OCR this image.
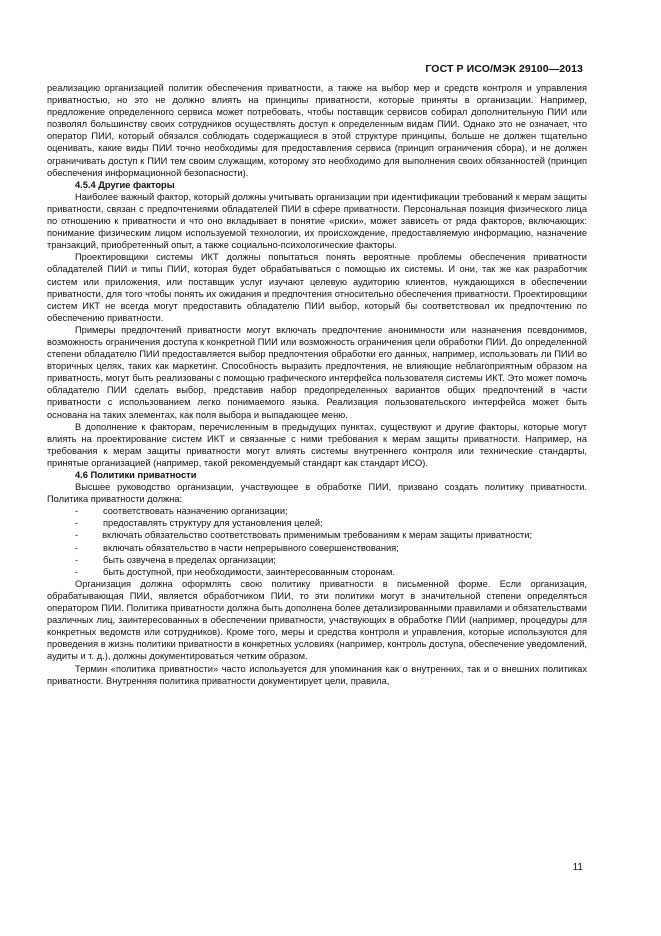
ГОСТ Р ИСО/МЭК 29100—2013

реализацию организацией политик обеспечения приватности, а также на выбор мер и средств контроля и управления приватностью, но это не должно влиять на принципы приватности, которые приняты в организации. Например, предложение определенного сервиса может потребовать, чтобы поставщик сервисов собирал дополнительную ПИИ или позволял большинству своих сотрудников осуществлять доступ к определенным видам ПИИ. Однако это не означает, что оператор ПИИ, который обязался соблюдать содержащиеся в этой структуре принципы, больше не должен тщательно оценивать, какие виды ПИИ точно необходимы для предоставления сервиса (принцип ограничения сбора), и не должен ограничивать доступ к ПИИ тем своим служащим, которому это необходимо для выполнения своих обязанностей (принцип обеспечения информационной безопасности).

4.5.4 Другие факторы

Наиболее важный фактор, который должны учитывать организации при идентификации требований к мерам защиты приватности, связан с предпочтениями обладателей ПИИ в сфере приватности. Персональная позиция физического лица по отношению к приватности и что оно вкладывает в понятие «риски», может зависеть от ряда факторов, включающих: понимание физическим лицом используемой технологии, их происхождение, предоставляемую информацию, назначение транзакций, приобретенный опыт, а также социально-психологические факторы.

Проектировщики системы ИКТ должны попытаться понять вероятные проблемы обеспечения приватности обладателей ПИИ и типы ПИИ, которая будет обрабатываться с помощью их системы. И они, так же как разработчик систем или приложения, или поставщик услуг изучают целевую аудиторию клиентов, нуждающихся в обеспечении приватности, для того чтобы понять их ожидания и предпочтения относительно обеспечения приватности. Проектировщики систем ИКТ не всегда могут предоставить обладателю ПИИ выбор, который бы соответствовал их предпочтению по обеспечению приватности.

Примеры предпочтений приватности могут включать предпочтение анонимности или назначения псевдонимов, возможность ограничения доступа к конкретной ПИИ или возможность ограничения цели обработки ПИИ. До определенной степени обладателю ПИИ предоставляется выбор предпочтения обработки его данных, например, использовать ли ПИИ во вторичных целях, таких как маркетинг. Способность выразить предпочтения, не влияющие неблагоприятным образом на приватность, могут быть реализованы с помощью графического интерфейса пользователя системы ИКТ. Это может помочь обладателю ПИИ сделать выбор, представив набор предопределенных вариантов общих предпочтений в части приватности с использованием легко понимаемого языка. Реализация пользовательского интерфейса может быть основана на таких элементах, как поля выбора и выпадающее меню.

В дополнение к факторам, перечисленным в предыдущих пунктах, существуют и другие факторы, которые могут влиять на проектирование систем ИКТ и связанные с ними требования к мерам защиты приватности. Например, на требования к мерам защиты приватности могут влиять системы внутреннего контроля или технические стандарты, принятые организацией (например, такой рекомендуемый стандарт как стандарт ИСО).

4.6 Политики приватности

Высшее руководство организации, участвующее в обработке ПИИ, призвано создать политику приватности. Политика приватности должна:

-	соответствовать назначению организации;
-	предоставлять структуру для установления целей;

-	включать обязательство соответствовать применимым требованиям к мерам защиты приватности;

-	включать обязательство в части непрерывного совершенствования;
-	быть озвучена в пределах организации;
-	быть доступной, при необходимости, заинтересованным сторонам.

Организация должна оформлять свою политику приватности в письменной форме. Если организация, обрабатывающая ПИИ, является обработчиком ПИИ, то эти политики могут в значительной степени определяться оператором ПИИ. Политика приватности должна быть дополнена более детализированными правилами и обязательствами различных лиц, заинтересованных в обеспечении приватности, участвующих в обработке ПИИ (например, процедуры для конкретных ведомств или сотрудников). Кроме того, меры и средства контроля и управления, которые используются для проведения в жизнь политики приватности в конкретных условиях (например, контроль доступа, обеспечение уведомлений, аудиты и т. д.), должны документироваться четким образом.

Термин «политика приватности» часто используется для упоминания как о внутренних, так и о внешних политиках приватности. Внутренняя политика приватности документирует цели, правила,

11
